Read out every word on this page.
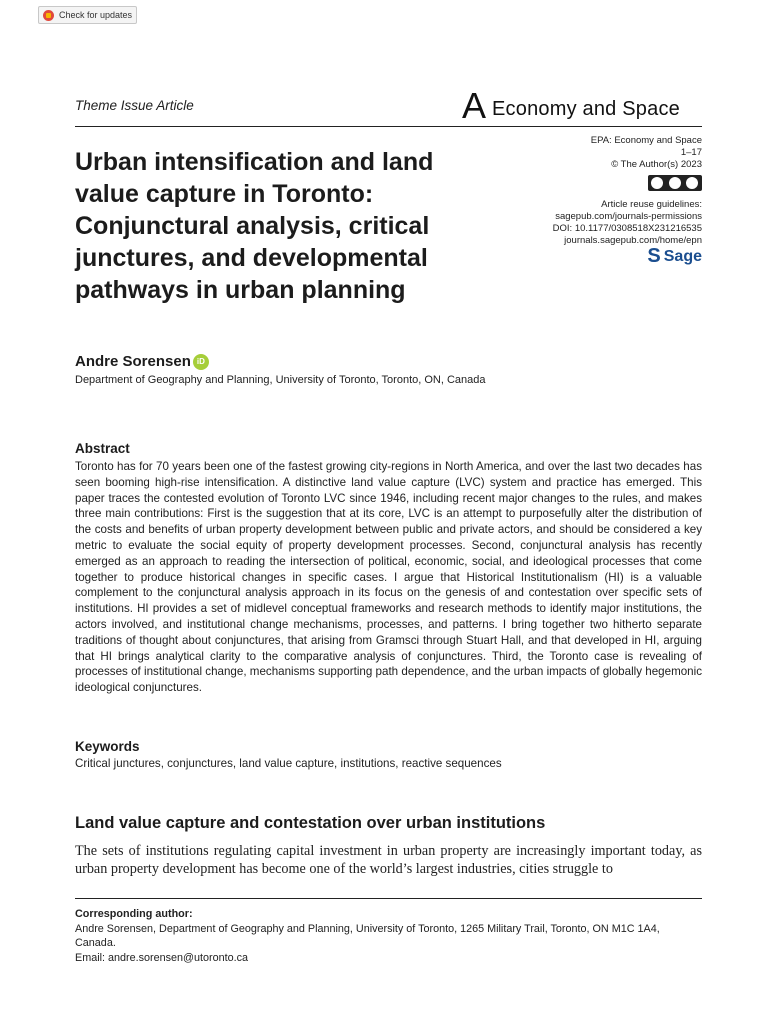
Check for updates
Theme Issue Article	A Economy and Space
Urban intensification and land
value capture in Toronto:
Conjunctural analysis, critical
junctures, and developmental
pathways in urban planning
EPA: Economy and Space
1–17
© The Author(s) 2023
Article reuse guidelines:
sagepub.com/journals-permissions
DOI: 10.1177/0308518X231216535
journals.sagepub.com/home/epn
S Sage
Andre Sorensen iD
Department of Geography and Planning, University of Toronto, Toronto, ON, Canada
Abstract
Toronto has for 70 years been one of the fastest growing city-regions in North America, and over the last two decades has seen booming high-rise intensification. A distinctive land value capture (LVC) system and practice has emerged. This paper traces the contested evolution of Toronto LVC since 1946, including recent major changes to the rules, and makes three main contributions: First is the suggestion that at its core, LVC is an attempt to purposefully alter the distribution of the costs and benefits of urban property development between public and private actors, and should be considered a key metric to evaluate the social equity of property development processes. Second, conjunctural analysis has recently emerged as an approach to reading the intersection of political, economic, social, and ideological processes that come together to produce historical changes in specific cases. I argue that Historical Institutionalism (HI) is a valuable complement to the conjunctural analysis approach in its focus on the genesis of and contestation over specific sets of institutions. HI provides a set of midlevel conceptual frameworks and research methods to identify major institutions, the actors involved, and institutional change mechanisms, processes, and patterns. I bring together two hitherto separate traditions of thought about conjunctures, that arising from Gramsci through Stuart Hall, and that developed in HI, arguing that HI brings analytical clarity to the comparative analysis of conjunctures. Third, the Toronto case is revealing of processes of institutional change, mechanisms supporting path dependence, and the urban impacts of globally hegemonic ideological conjunctures.
Keywords
Critical junctures, conjunctures, land value capture, institutions, reactive sequences
Land value capture and contestation over urban institutions
The sets of institutions regulating capital investment in urban property are increasingly important today, as urban property development has become one of the world’s largest industries, cities struggle to
Corresponding author:
Andre Sorensen, Department of Geography and Planning, University of Toronto, 1265 Military Trail, Toronto, ON M1C 1A4, Canada.
Email: andre.sorensen@utoronto.ca
